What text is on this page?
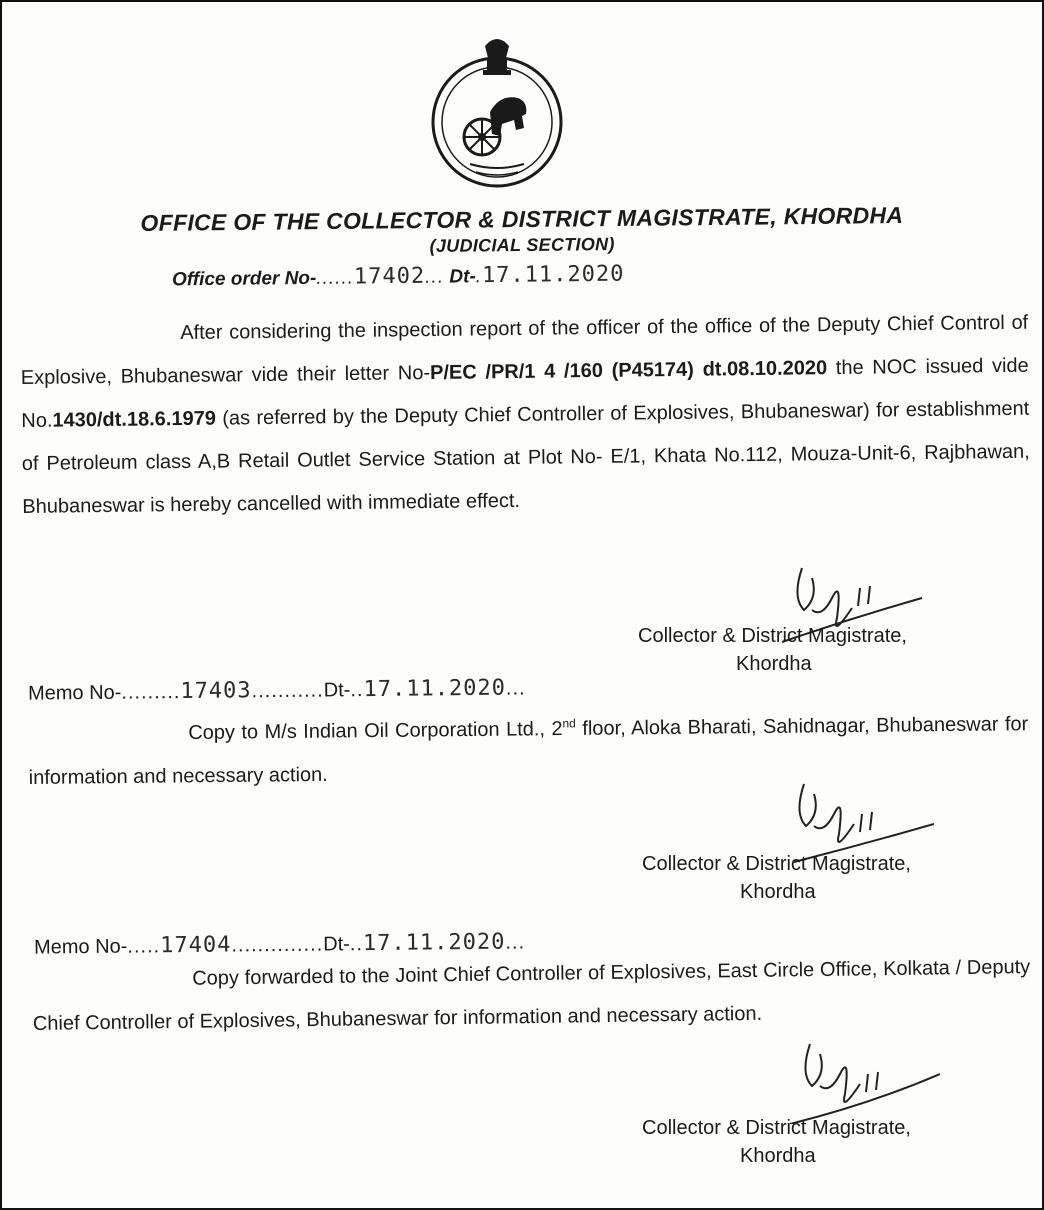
OFFICE OF THE COLLECTOR & DISTRICT MAGISTRATE, KHORDHA
(JUDICIAL SECTION)
Office order No-......17402... Dt-.17.11.2020
After considering the inspection report of the officer of the office of the Deputy Chief Control of Explosive, Bhubaneswar vide their letter No-P/EC /PR/1 4 /160 (P45174) dt.08.10.2020 the NOC issued vide No.1430/dt.18.6.1979 (as referred by the Deputy Chief Controller of Explosives, Bhubaneswar) for establishment of Petroleum class A,B Retail Outlet Service Station at Plot No- E/1, Khata No.112, Mouza-Unit-6, Rajbhawan, Bhubaneswar is hereby cancelled with immediate effect.
Collector & District Magistrate,
Khordha
Memo No-.........17403...........Dt-..17.11.2020...
Copy to M/s Indian Oil Corporation Ltd., 2nd floor, Aloka Bharati, Sahidnagar, Bhubaneswar for information and necessary action.
Collector & District Magistrate,
Khordha
Memo No-.....17404..............Dt-..17.11.2020...
Copy forwarded to the Joint Chief Controller of Explosives, East Circle Office, Kolkata / Deputy Chief Controller of Explosives, Bhubaneswar for information and necessary action.
Collector & District Magistrate,
Khordha
